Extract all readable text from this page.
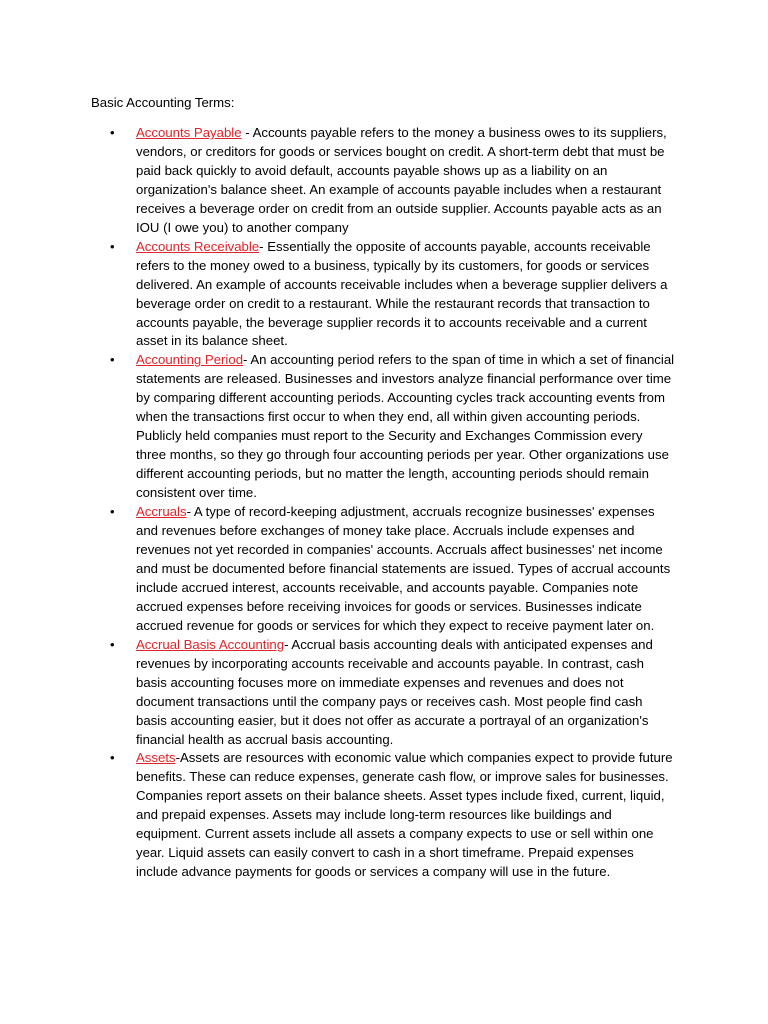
Basic Accounting Terms:
• Accounts Payable - Accounts payable refers to the money a business owes to its suppliers, vendors, or creditors for goods or services bought on credit. A short-term debt that must be paid back quickly to avoid default, accounts payable shows up as a liability on an organization's balance sheet. An example of accounts payable includes when a restaurant receives a beverage order on credit from an outside supplier. Accounts payable acts as an IOU (I owe you) to another company
• Accounts Receivable- Essentially the opposite of accounts payable, accounts receivable refers to the money owed to a business, typically by its customers, for goods or services delivered. An example of accounts receivable includes when a beverage supplier delivers a beverage order on credit to a restaurant. While the restaurant records that transaction to accounts payable, the beverage supplier records it to accounts receivable and a current asset in its balance sheet.
• Accounting Period- An accounting period refers to the span of time in which a set of financial statements are released. Businesses and investors analyze financial performance over time by comparing different accounting periods. Accounting cycles track accounting events from when the transactions first occur to when they end, all within given accounting periods. Publicly held companies must report to the Security and Exchanges Commission every three months, so they go through four accounting periods per year. Other organizations use different accounting periods, but no matter the length, accounting periods should remain consistent over time.
• Accruals- A type of record-keeping adjustment, accruals recognize businesses' expenses and revenues before exchanges of money take place. Accruals include expenses and revenues not yet recorded in companies' accounts. Accruals affect businesses' net income and must be documented before financial statements are issued. Types of accrual accounts include accrued interest, accounts receivable, and accounts payable. Companies note accrued expenses before receiving invoices for goods or services. Businesses indicate accrued revenue for goods or services for which they expect to receive payment later on.
• Accrual Basis Accounting- Accrual basis accounting deals with anticipated expenses and revenues by incorporating accounts receivable and accounts payable. In contrast, cash basis accounting focuses more on immediate expenses and revenues and does not document transactions until the company pays or receives cash. Most people find cash basis accounting easier, but it does not offer as accurate a portrayal of an organization's financial health as accrual basis accounting.
• Assets-Assets are resources with economic value which companies expect to provide future benefits. These can reduce expenses, generate cash flow, or improve sales for businesses. Companies report assets on their balance sheets. Asset types include fixed, current, liquid, and prepaid expenses. Assets may include long-term resources like buildings and equipment. Current assets include all assets a company expects to use or sell within one year. Liquid assets can easily convert to cash in a short timeframe. Prepaid expenses include advance payments for goods or services a company will use in the future.
